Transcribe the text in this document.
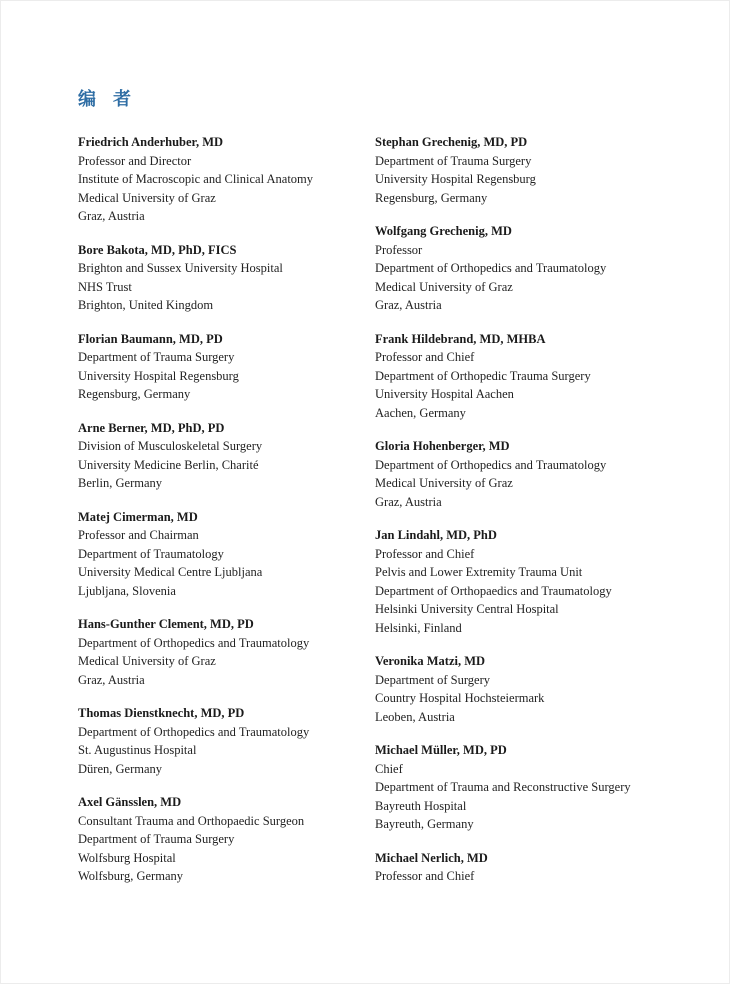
编 者
Friedrich Anderhuber, MD
Professor and Director
Institute of Macroscopic and Clinical Anatomy
Medical University of Graz
Graz, Austria
Bore Bakota, MD, PhD, FICS
Brighton and Sussex University Hospital
NHS Trust
Brighton, United Kingdom
Florian Baumann, MD, PD
Department of Trauma Surgery
University Hospital Regensburg
Regensburg, Germany
Arne Berner, MD, PhD, PD
Division of Musculoskeletal Surgery
University Medicine Berlin, Charité
Berlin, Germany
Matej Cimerman, MD
Professor and Chairman
Department of Traumatology
University Medical Centre Ljubljana
Ljubljana, Slovenia
Hans-Gunther Clement, MD, PD
Department of Orthopedics and Traumatology
Medical University of Graz
Graz, Austria
Thomas Dienstknecht, MD, PD
Department of Orthopedics and Traumatology
St. Augustinus Hospital
Düren, Germany
Axel Gänsslen, MD
Consultant Trauma and Orthopaedic Surgeon
Department of Trauma Surgery
Wolfsburg Hospital
Wolfsburg, Germany
Stephan Grechenig, MD, PD
Department of Trauma Surgery
University Hospital Regensburg
Regensburg, Germany
Wolfgang Grechenig, MD
Professor
Department of Orthopedics and Traumatology
Medical University of Graz
Graz, Austria
Frank Hildebrand, MD, MHBA
Professor and Chief
Department of Orthopedic Trauma Surgery
University Hospital Aachen
Aachen, Germany
Gloria Hohenberger, MD
Department of Orthopedics and Traumatology
Medical University of Graz
Graz, Austria
Jan Lindahl, MD, PhD
Professor and Chief
Pelvis and Lower Extremity Trauma Unit
Department of Orthopaedics and Traumatology
Helsinki University Central Hospital
Helsinki, Finland
Veronika Matzi, MD
Department of Surgery
Country Hospital Hochsteiermark
Leoben, Austria
Michael Müller, MD, PD
Chief
Department of Trauma and Reconstructive Surgery
Bayreuth Hospital
Bayreuth, Germany
Michael Nerlich, MD
Professor and Chief
